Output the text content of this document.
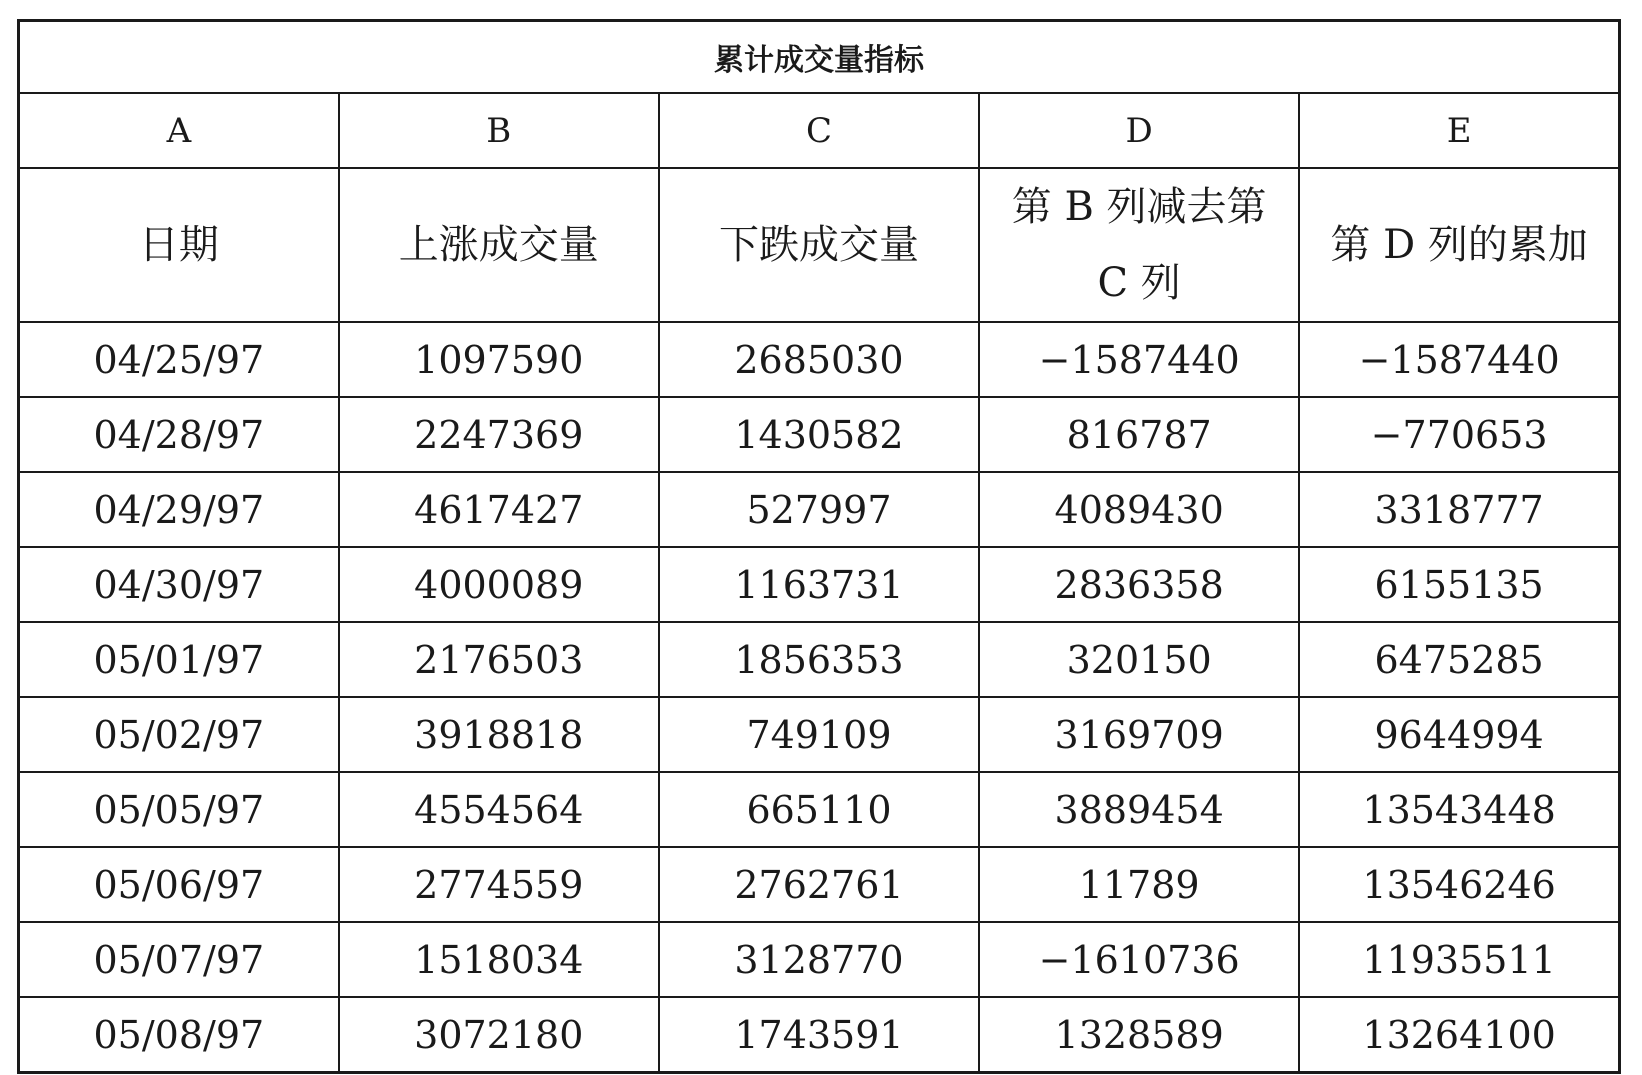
累计成交量指标				
A	B	C	D	E
日期	上涨成交量	下跌成交量	第 B 列减去第 C 列	第 D 列的累加
04/25/97	1097590	2685030	−1587440	−1587440
04/28/97	2247369	1430582	816787	−770653
04/29/97	4617427	527997	4089430	3318777
04/30/97	4000089	1163731	2836358	6155135
05/01/97	2176503	1856353	320150	6475285
05/02/97	3918818	749109	3169709	9644994
05/05/97	4554564	665110	3889454	13543448
05/06/97	2774559	2762761	11789	13546246
05/07/97	1518034	3128770	−1610736	11935511
05/08/97	3072180	1743591	1328589	13264100
